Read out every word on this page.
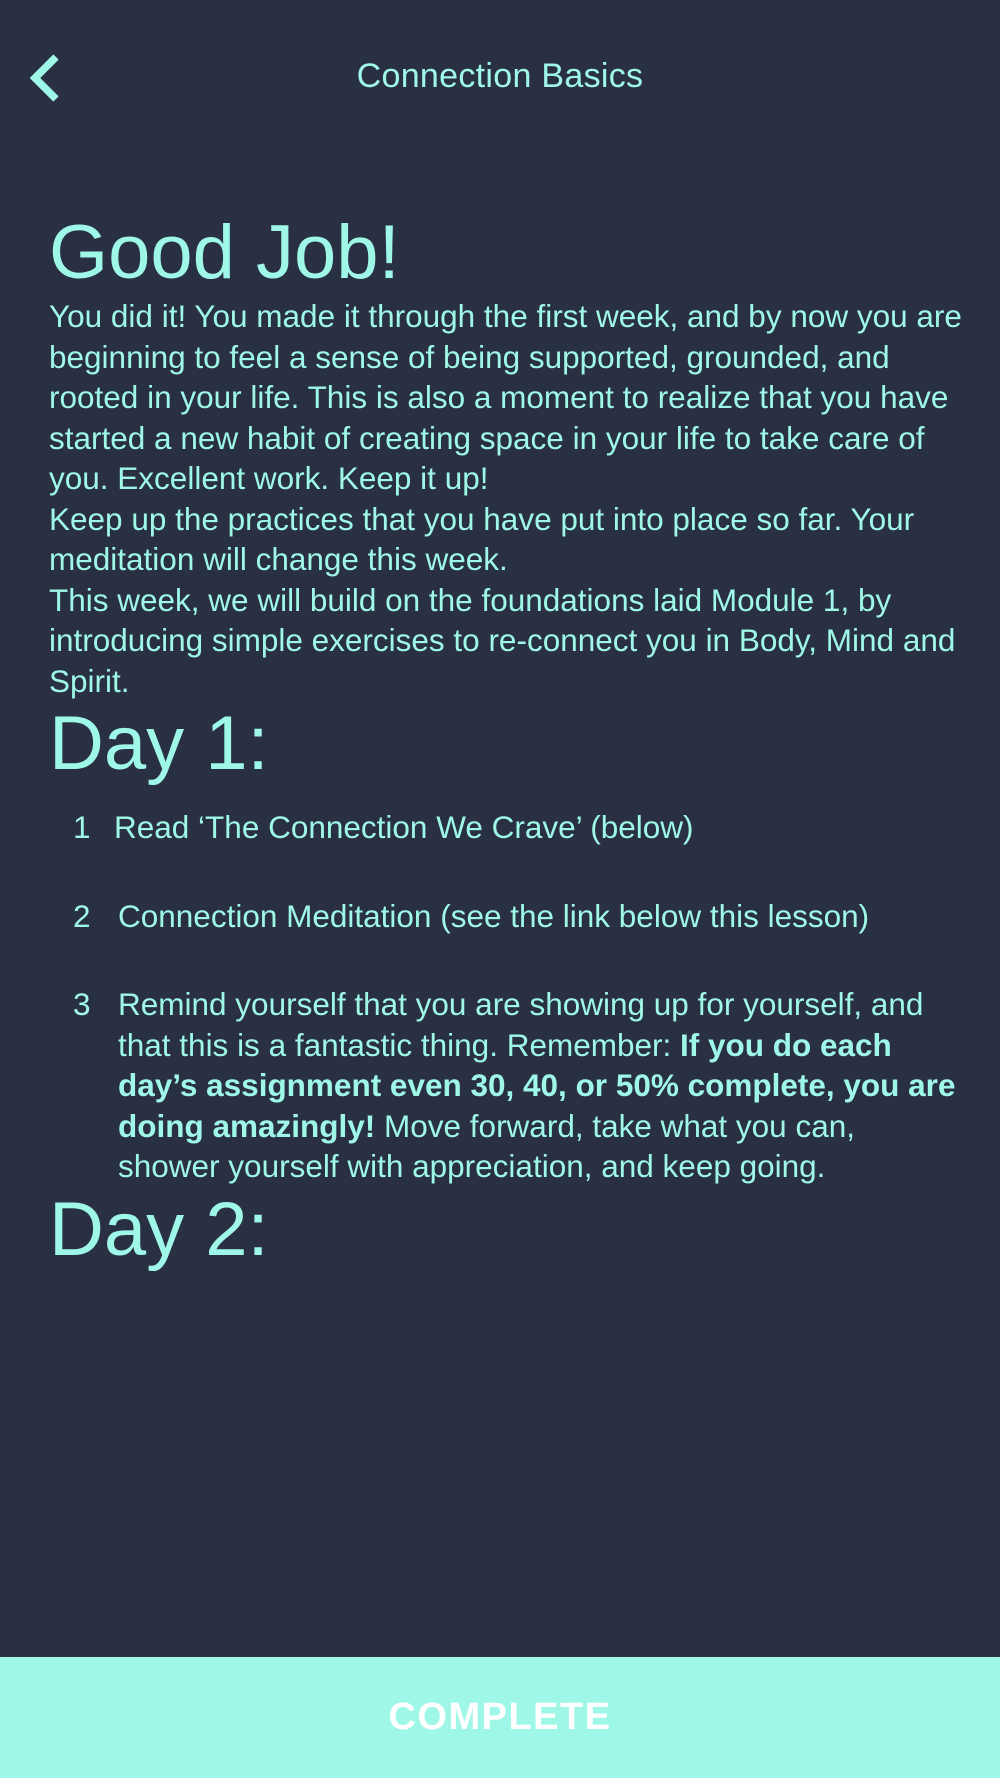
Connection Basics
Good Job!

You did it! You made it through the first week, and by now you are beginning to feel a sense of being supported, grounded, and rooted in your life. This is also a moment to realize that you have started a new habit of creating space in your life to take care of you. Excellent work. Keep it up!

Keep up the practices that you have put into place so far. Your meditation will change this week.

This week, we will build on the foundations laid Module 1, by introducing simple exercises to re-connect you in Body, Mind and Spirit.

Day 1:
1 Read ‘The Connection We Crave’ (below)
2 Connection Meditation (see the link below this lesson)
3 Remind yourself that you are showing up for yourself, and that this is a fantastic thing. Remember: If you do each day’s assignment even 30, 40, or 50% complete, you are doing amazingly! Move forward, take what you can, shower yourself with appreciation, and keep going.
Day 2:
COMPLETE
